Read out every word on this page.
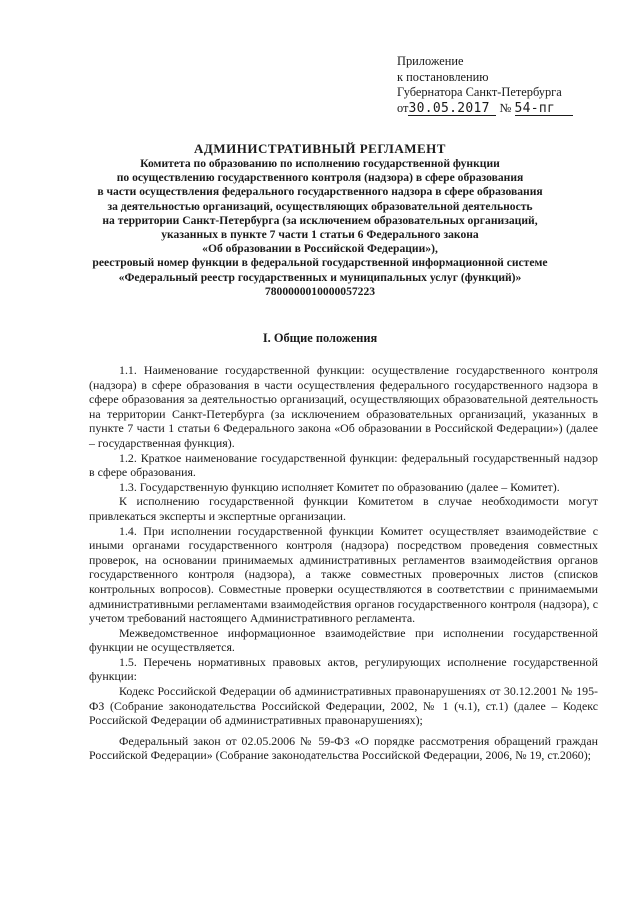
Приложение
к постановлению
Губернатора Санкт-Петербурга
от30.05.2017 № 54-пг
АДМИНИСТРАТИВНЫЙ РЕГЛАМЕНТ
Комитета по образованию по исполнению государственной функции
по осуществлению государственного контроля (надзора) в сфере образования
в части осуществления федерального государственного надзора в сфере образования
за деятельностью организаций, осуществляющих образовательной деятельность
на территории Санкт-Петербурга (за исключением образовательных организаций,
указанных в пункте 7 части 1 статьи 6 Федерального закона
«Об образовании в Российской Федерации»),
реестровый номер функции в федеральной государственной информационной системе
«Федеральный реестр государственных и муниципальных услуг (функций)»
7800000010000057223
I. Общие положения

1.1. Наименование государственной функции: осуществление государственного контроля (надзора) в сфере образования в части осуществления федерального государственного надзора в сфере образования за деятельностью организаций, осуществляющих образовательной деятельность на территории Санкт-Петербурга (за исключением образовательных организаций, указанных в пункте 7 части 1 статьи 6 Федерального закона «Об образовании в Российской Федерации») (далее – государственная функция).

1.2. Краткое наименование государственной функции: федеральный государственный надзор в сфере образования.

1.3. Государственную функцию исполняет Комитет по образованию (далее – Комитет).

К исполнению государственной функции Комитетом в случае необходимости могут привлекаться эксперты и экспертные организации.

1.4. При исполнении государственной функции Комитет осуществляет взаимодействие с иными органами государственного контроля (надзора) посредством проведения совместных проверок, на основании принимаемых административных регламентов взаимодействия органов государственного контроля (надзора), а также совместных проверочных листов (списков контрольных вопросов). Совместные проверки осуществляются в соответствии с принимаемыми административными регламентами взаимодействия органов государственного контроля (надзора), с учетом требований настоящего Административного регламента.

Межведомственное информационное взаимодействие при исполнении государственной функции не осуществляется.

1.5. Перечень нормативных правовых актов, регулирующих исполнение государственной функции:

Кодекс Российской Федерации об административных правонарушениях от 30.12.2001 № 195-ФЗ (Собрание законодательства Российской Федерации, 2002, № 1 (ч.1), ст.1) (далее – Кодекс Российской Федерации об административных правонарушениях);

Федеральный закон от 02.05.2006 № 59-ФЗ «О порядке рассмотрения обращений граждан Российской Федерации» (Собрание законодательства Российской Федерации, 2006, № 19, ст.2060);
